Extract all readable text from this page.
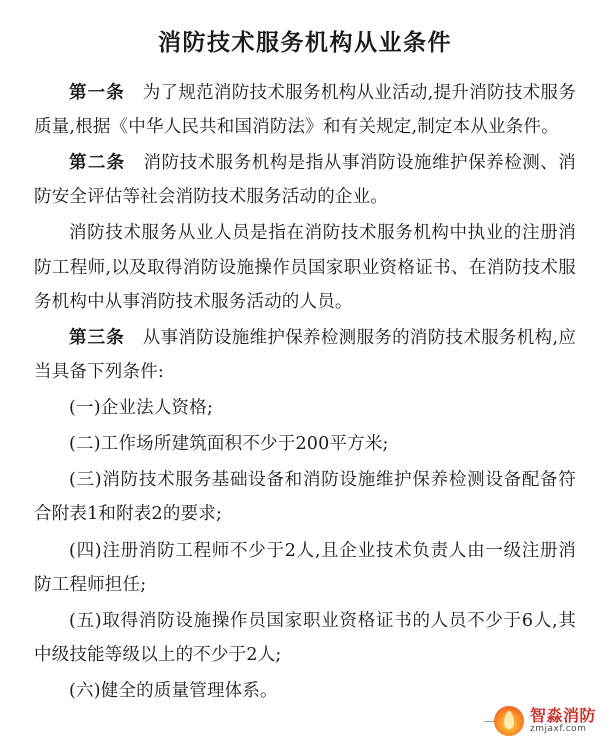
消防技术服务机构从业条件

第一条　 为了规范消防技术服务机构从业活动,提升消防技术服务质量,根据《中华人民共和国消防法》和有关规定,制定本从业条件。

第二条　 消防技术服务机构是指从事消防设施维护保养检测、消防安全评估等社会消防技术服务活动的企业。

消防技术服务从业人员是指在消防技术服务机构中执业的注册消防工程师,以及取得消防设施操作员国家职业资格证书、在消防技术服务机构中从事消防技术服务活动的人员。

第三条　 从事消防设施维护保养检测服务的消防技术服务机构,应当具备下列条件:

(一)企业法人资格;

(二)工作场所建筑面积不少于200平方米;

(三)消防技术服务基础设备和消防设施维护保养检测设备配备符合附表1和附表2的要求;

(四)注册消防工程师不少于2人,且企业技术负责人由一级注册消防工程师担任;

(五)取得消防设施操作员国家职业资格证书的人员不少于6人,其中级技能等级以上的不少于2人;

(六)健全的质量管理体系。

智淼消防
zmjaxf.com
